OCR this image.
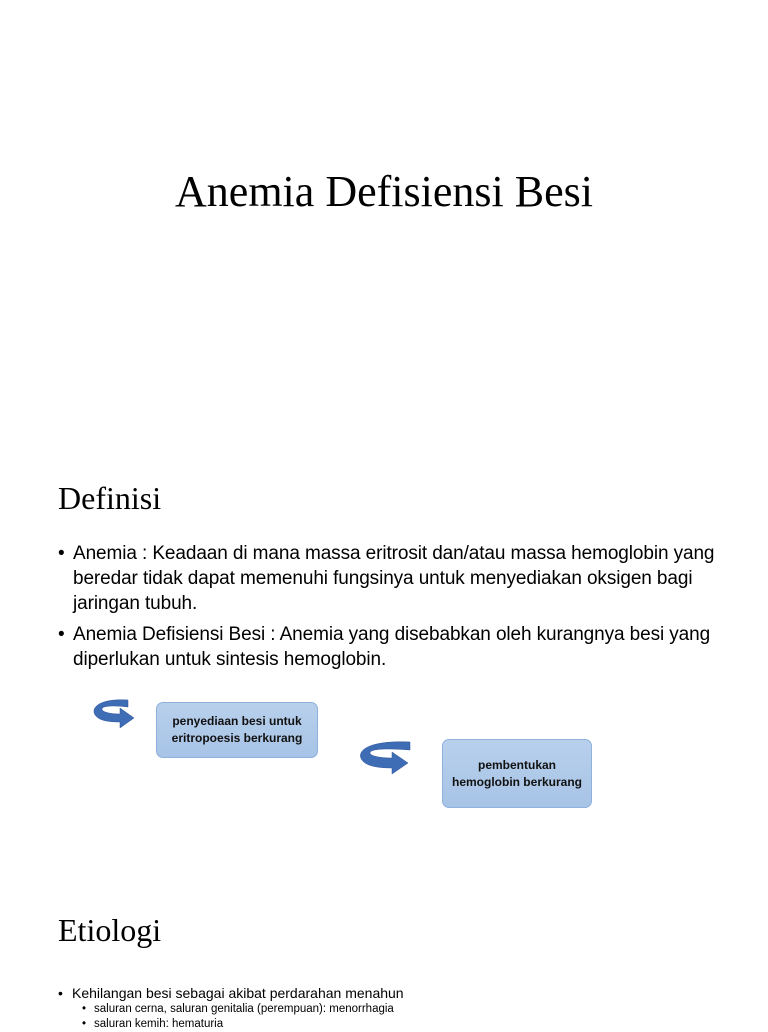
Anemia Defisiensi Besi
Definisi
• Anemia : Keadaan di mana massa eritrosit dan/atau massa hemoglobin yang beredar tidak dapat memenuhi fungsinya untuk menyediakan oksigen bagi jaringan tubuh.
• Anemia Defisiensi Besi : Anemia yang disebabkan oleh kurangnya besi yang diperlukan untuk sintesis hemoglobin.
penyediaan besi untuk eritropoesis berkurang
pembentukan hemoglobin berkurang
Etiologi
• Kehilangan besi sebagai akibat perdarahan menahun
• saluran cerna, saluran genitalia (perempuan): menorrhagia
• saluran kemih: hematuria
